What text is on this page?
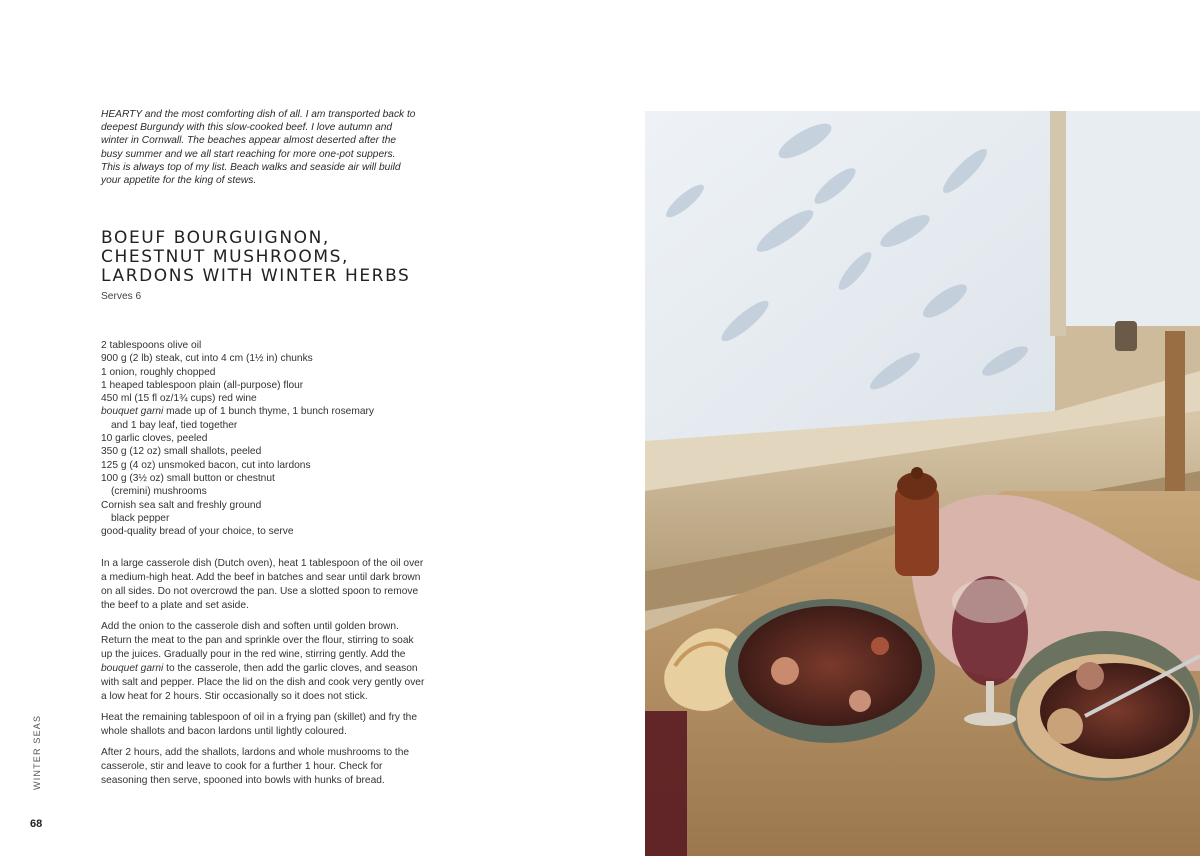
HEARTY and the most comforting dish of all. I am transported back to deepest Burgundy with this slow-cooked beef. I love autumn and winter in Cornwall. The beaches appear almost deserted after the busy summer and we all start reaching for more one-pot suppers. This is always top of my list. Beach walks and seaside air will build your appetite for the king of stews.
BOEUF BOURGUIGNON,
CHESTNUT MUSHROOMS,
LARDONS WITH WINTER HERBS
Serves 6
2 tablespoons olive oil
900 g (2 lb) steak, cut into 4 cm (1½ in) chunks
1 onion, roughly chopped
1 heaped tablespoon plain (all-purpose) flour
450 ml (15 fl oz/1¾ cups) red wine
bouquet garni made up of 1 bunch thyme, 1 bunch rosemary
and 1 bay leaf, tied together
10 garlic cloves, peeled
350 g (12 oz) small shallots, peeled
125 g (4 oz) unsmoked bacon, cut into lardons
100 g (3½ oz) small button or chestnut
(cremini) mushrooms
Cornish sea salt and freshly ground
black pepper
good-quality bread of your choice, to serve

In a large casserole dish (Dutch oven), heat 1 tablespoon of the oil over a medium-high heat. Add the beef in batches and sear until dark brown on all sides. Do not overcrowd the pan. Use a slotted spoon to remove the beef to a plate and set aside.

Add the onion to the casserole dish and soften until golden brown. Return the meat to the pan and sprinkle over the flour, stirring to soak up the juices. Gradually pour in the red wine, stirring gently. Add the bouquet garni to the casserole, then add the garlic cloves, and season with salt and pepper. Place the lid on the dish and cook very gently over a low heat for 2 hours. Stir occasionally so it does not stick.

Heat the remaining tablespoon of oil in a frying pan (skillet) and fry the whole shallots and bacon lardons until lightly coloured.

After 2 hours, add the shallots, lardons and whole mushrooms to the casserole, stir and leave to cook for a further 1 hour. Check for seasoning then serve, spooned into bowls with hunks of bread.

WINTER SEAS
68
